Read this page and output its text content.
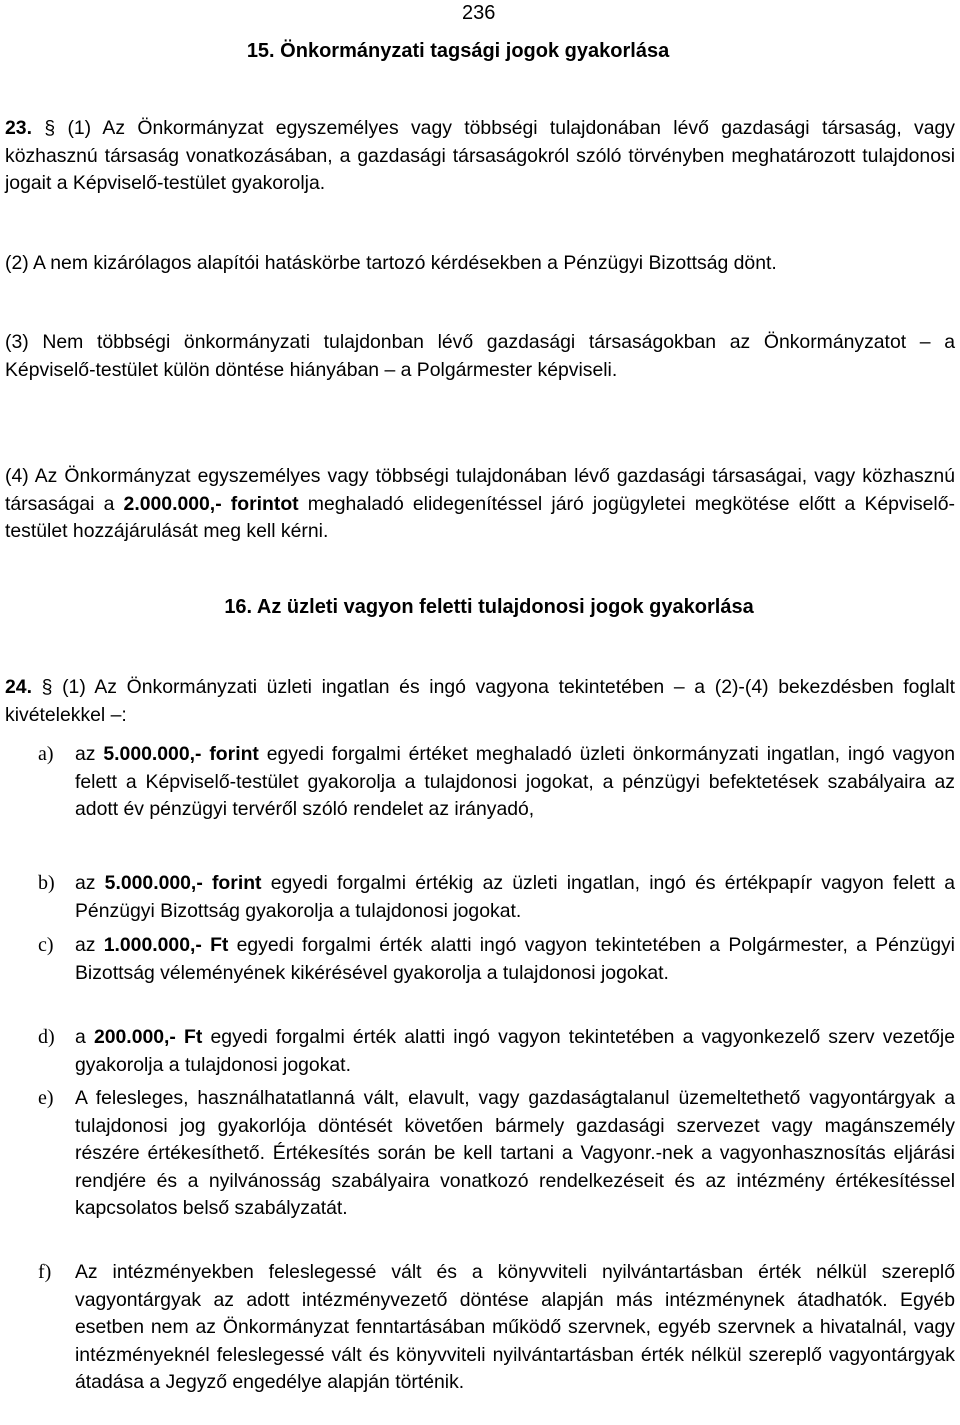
236
15. Önkormányzati tagsági jogok gyakorlása
23. § (1) Az Önkormányzat egyszemélyes vagy többségi tulajdonában lévő gazdasági társaság, vagy közhasznú társaság vonatkozásában, a gazdasági társaságokról szóló törvényben meghatározott tulajdonosi jogait a Képviselő-testület gyakorolja.
(2) A nem kizárólagos alapítói hatáskörbe tartozó kérdésekben a Pénzügyi Bizottság dönt.
(3) Nem többségi önkormányzati tulajdonban lévő gazdasági társaságokban az Önkormányzatot – a Képviselő-testület külön döntése hiányában – a Polgármester képviseli.
(4) Az Önkormányzat egyszemélyes vagy többségi tulajdonában lévő gazdasági társaságai, vagy közhasznú társaságai a 2.000.000,- forintot meghaladó elidegenítéssel járó jogügyletei megkötése előtt a Képviselő-testület hozzájárulását meg kell kérni.
16. Az üzleti vagyon feletti tulajdonosi jogok gyakorlása
24. § (1) Az Önkormányzati üzleti ingatlan és ingó vagyona tekintetében – a (2)-(4) bekezdésben foglalt kivételekkel –:
a)	az 5.000.000,- forint egyedi forgalmi értéket meghaladó üzleti önkormányzati ingatlan, ingó vagyon felett a Képviselő-testület gyakorolja a tulajdonosi jogokat, a pénzügyi befektetések szabályaira az adott év pénzügyi tervéről szóló rendelet az irányadó,
b)	az 5.000.000,- forint egyedi forgalmi értékig az üzleti ingatlan, ingó és értékpapír vagyon felett a Pénzügyi Bizottság gyakorolja a tulajdonosi jogokat.
c)	az 1.000.000,- Ft egyedi forgalmi érték alatti ingó vagyon tekintetében a Polgármester, a Pénzügyi Bizottság véleményének kikérésével gyakorolja a tulajdonosi jogokat.
d)	a 200.000,- Ft egyedi forgalmi érték alatti ingó vagyon tekintetében a vagyonkezelő szerv vezetője gyakorolja a tulajdonosi jogokat.
e)	A felesleges, használhatatlanná vált, elavult, vagy gazdaságtalanul üzemeltethető vagyontárgyak a tulajdonosi jog gyakorlója döntését követően bármely gazdasági szervezet vagy magánszemély részére értékesíthető. Értékesítés során be kell tartani a Vagyonr.-nek a vagyonhasznosítás eljárási rendjére és a nyilvánosság szabályaira vonatkozó rendelkezéseit és az intézmény értékesítéssel kapcsolatos belső szabályzatát.
f)	Az intézményekben feleslegessé vált és a könyvviteli nyilvántartásban érték nélkül szereplő vagyontárgyak az adott intézményvezető döntése alapján más intézménynek átadhatók. Egyéb esetben nem az Önkormányzat fenntartásában működő szervnek, egyéb szervnek a hivatalnál, vagy intézményeknél feleslegessé vált és könyvviteli nyilvántartásban érték nélkül szereplő vagyontárgyak átadása a Jegyző engedélye alapján történik.
